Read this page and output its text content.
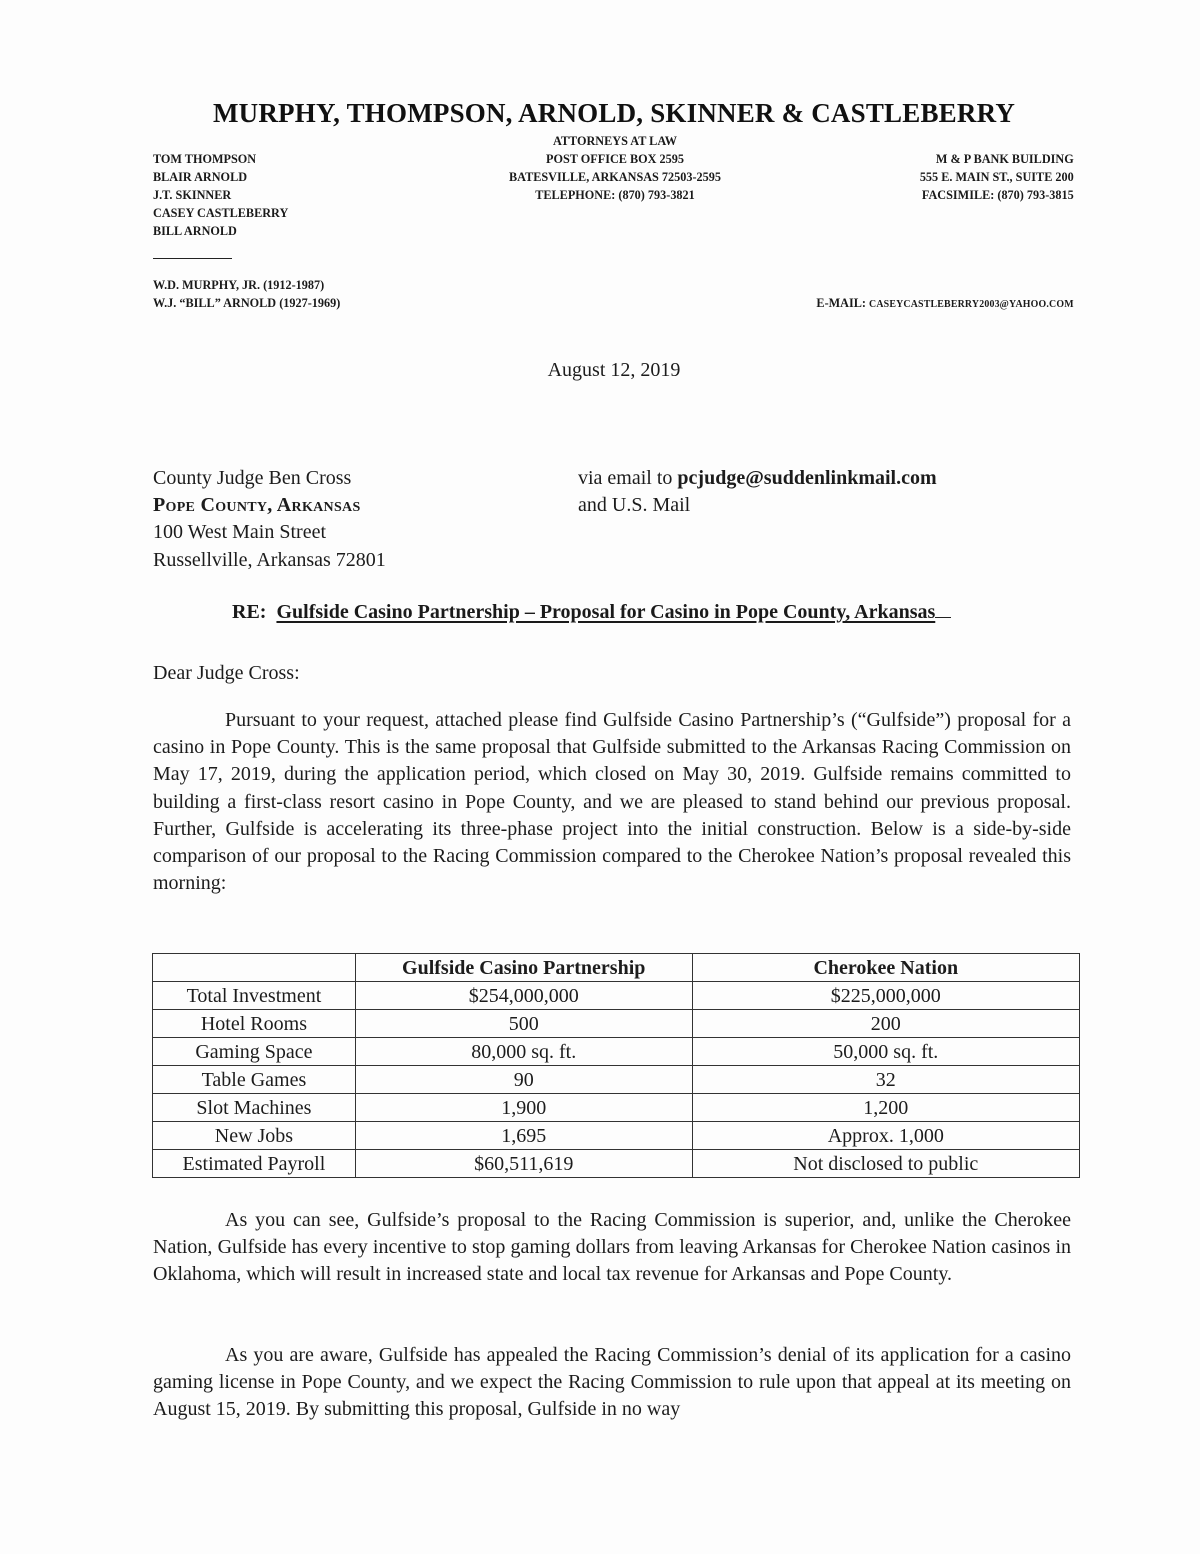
MURPHY, THOMPSON, ARNOLD, SKINNER & CASTLEBERRY
TOM THOMPSON
BLAIR ARNOLD
J.T. SKINNER
CASEY CASTLEBERRY
BILL ARNOLD
ATTORNEYS AT LAW
POST OFFICE BOX 2595
BATESVILLE, ARKANSAS 72503-2595
TELEPHONE: (870) 793-3821
M & P BANK BUILDING
555 E. MAIN ST., SUITE 200
FACSIMILE: (870) 793-3815
W.D. MURPHY, JR. (1912-1987)
W.J. “BILL” ARNOLD (1927-1969)	E-MAIL: CASEYCASTLEBERRY2003@YAHOO.COM
August 12, 2019
County Judge Ben Cross
Pope County, Arkansas
100 West Main Street
Russellville, Arkansas 72801
via email to pcjudge@suddenlinkmail.com
and U.S. Mail
RE: Gulfside Casino Partnership – Proposal for Casino in Pope County, Arkansas
Dear Judge Cross:
Pursuant to your request, attached please find Gulfside Casino Partnership’s (“Gulfside”) proposal for a casino in Pope County. This is the same proposal that Gulfside submitted to the Arkansas Racing Commission on May 17, 2019, during the application period, which closed on May 30, 2019. Gulfside remains committed to building a first-class resort casino in Pope County, and we are pleased to stand behind our previous proposal. Further, Gulfside is accelerating its three-phase project into the initial construction. Below is a side-by-side comparison of our proposal to the Racing Commission compared to the Cherokee Nation’s proposal revealed this morning:
	Gulfside Casino Partnership	Cherokee Nation
Total Investment	$254,000,000	$225,000,000
Hotel Rooms	500	200
Gaming Space	80,000 sq. ft.	50,000 sq. ft.
Table Games	90	32
Slot Machines	1,900	1,200
New Jobs	1,695	Approx. 1,000
Estimated Payroll	$60,511,619	Not disclosed to public
As you can see, Gulfside’s proposal to the Racing Commission is superior, and, unlike the Cherokee Nation, Gulfside has every incentive to stop gaming dollars from leaving Arkansas for Cherokee Nation casinos in Oklahoma, which will result in increased state and local tax revenue for Arkansas and Pope County.
As you are aware, Gulfside has appealed the Racing Commission’s denial of its application for a casino gaming license in Pope County, and we expect the Racing Commission to rule upon that appeal at its meeting on August 15, 2019. By submitting this proposal, Gulfside in no way
